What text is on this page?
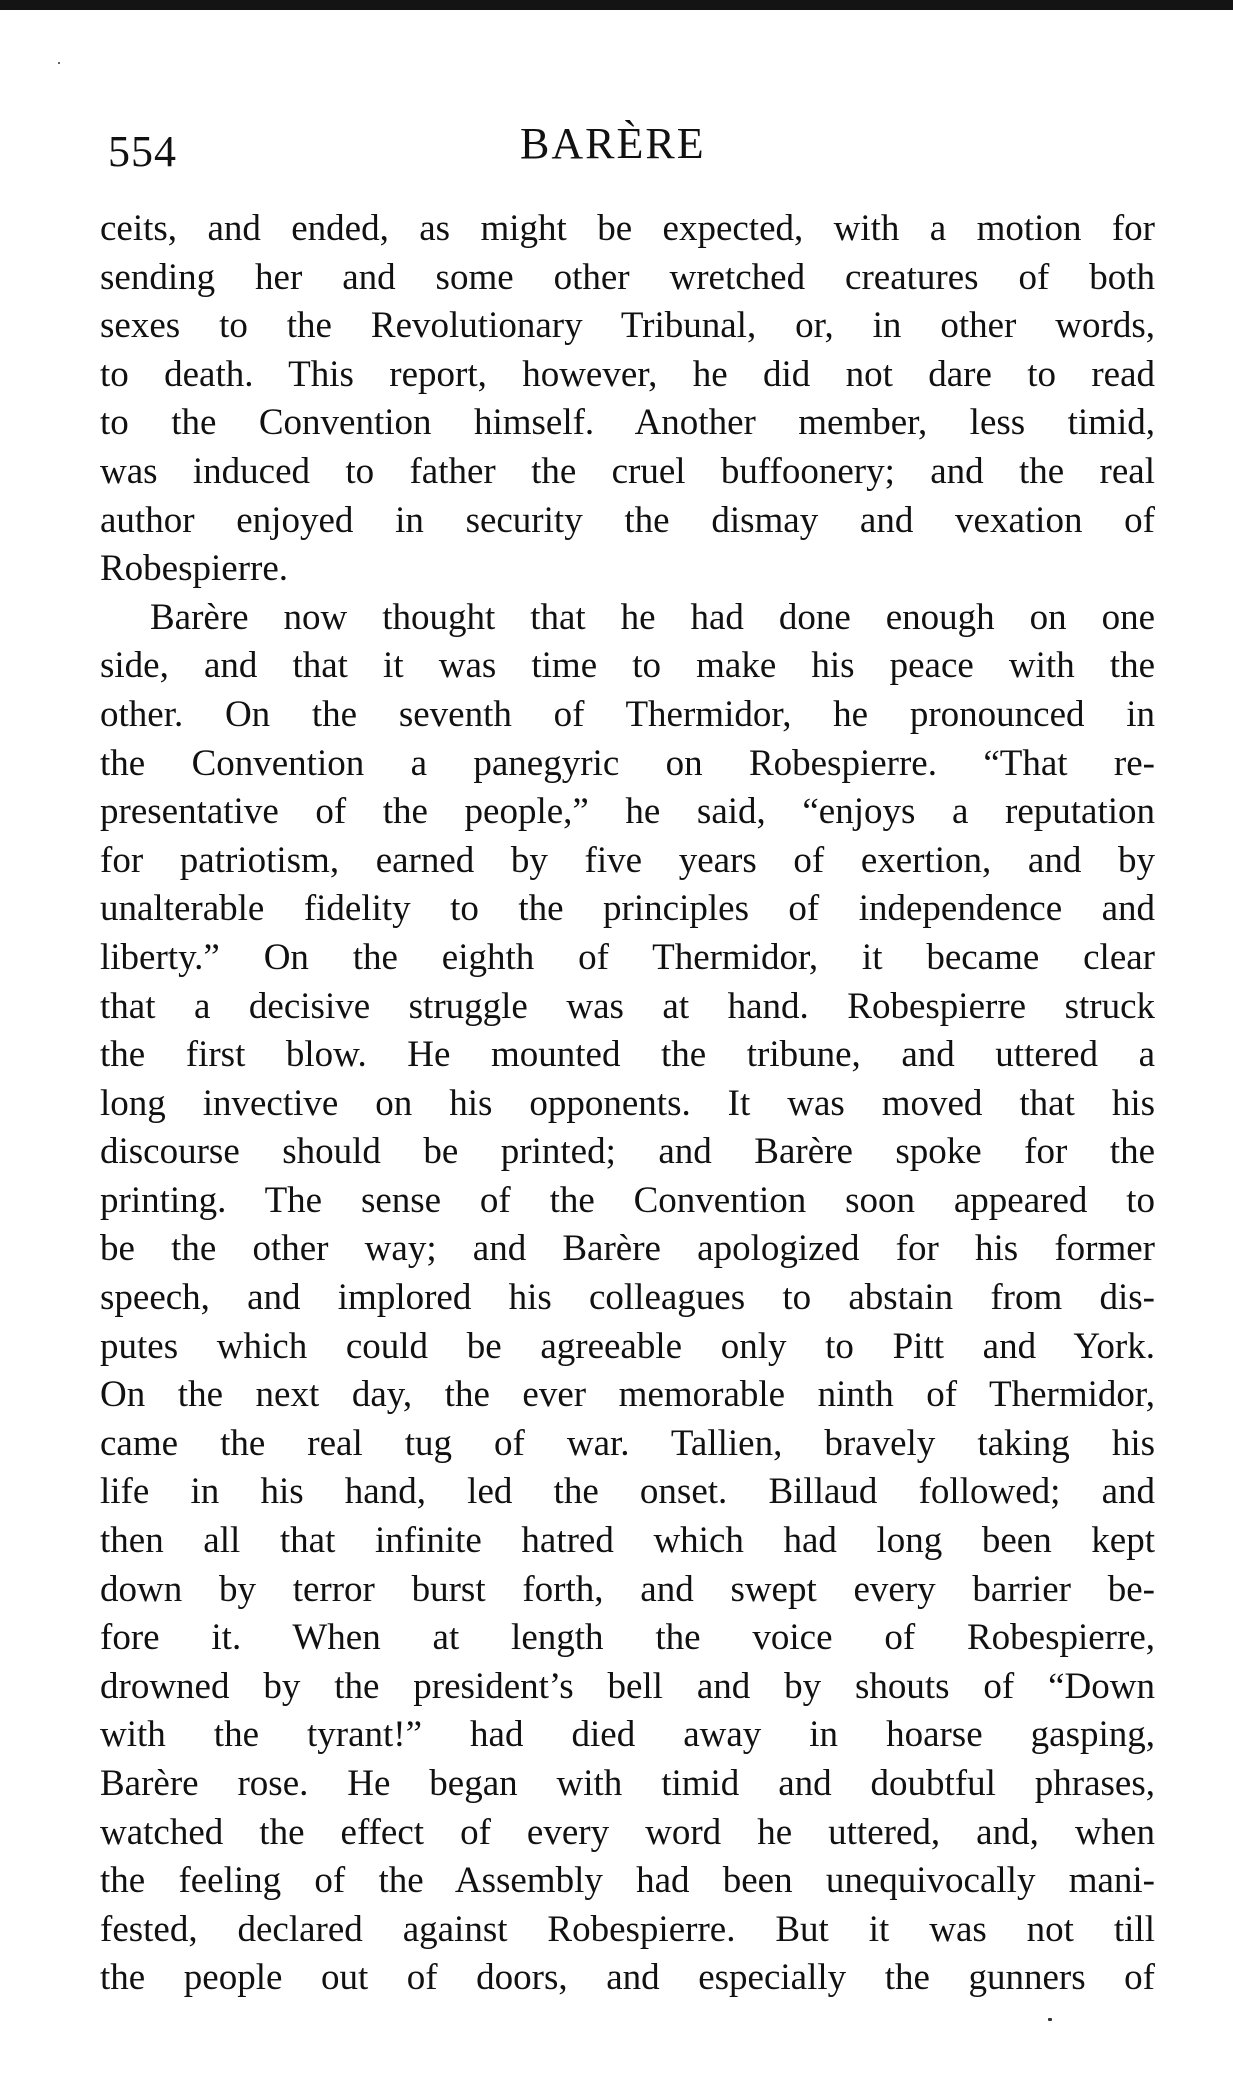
554	BARÈRE
ceits, and ended, as might be expected, with a motion for
sending her and some other wretched creatures of both
sexes to the Revolutionary Tribunal, or, in other words,
to death. This report, however, he did not dare to read
to the Convention himself. Another member, less timid,
was induced to father the cruel buffoonery; and the real
author enjoyed in security the dismay and vexation of
Robespierre.
Barère now thought that he had done enough on one
side, and that it was time to make his peace with the
other. On the seventh of Thermidor, he pronounced in
the Convention a panegyric on Robespierre. “That re-
presentative of the people,” he said, “enjoys a reputation
for patriotism, earned by five years of exertion, and by
unalterable fidelity to the principles of independence and
liberty.” On the eighth of Thermidor, it became clear
that a decisive struggle was at hand. Robespierre struck
the first blow. He mounted the tribune, and uttered a
long invective on his opponents. It was moved that his
discourse should be printed; and Barère spoke for the
printing. The sense of the Convention soon appeared to
be the other way; and Barère apologized for his former
speech, and implored his colleagues to abstain from dis-
putes which could be agreeable only to Pitt and York.
On the next day, the ever memorable ninth of Thermidor,
came the real tug of war. Tallien, bravely taking his
life in his hand, led the onset. Billaud followed; and
then all that infinite hatred which had long been kept
down by terror burst forth, and swept every barrier be-
fore it. When at length the voice of Robespierre,
drowned by the president’s bell and by shouts of “Down
with the tyrant!” had died away in hoarse gasping,
Barère rose. He began with timid and doubtful phrases,
watched the effect of every word he uttered, and, when
the feeling of the Assembly had been unequivocally mani-
fested, declared against Robespierre. But it was not till
the people out of doors, and especially the gunners of
